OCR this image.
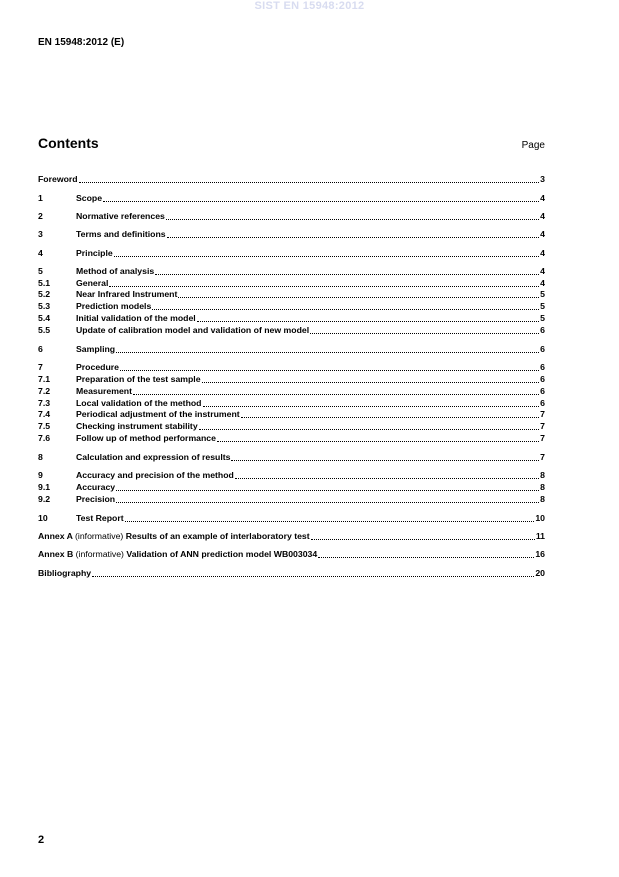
SIST EN 15948:2012
EN 15948:2012 (E)
Contents	Page
Foreword	3
1	Scope	4
2	Normative references	4
3	Terms and definitions	4
4	Principle	4
5	Method of analysis	4
5.1	General	4
5.2	Near Infrared Instrument	5
5.3	Prediction models	5
5.4	Initial validation of the model	5
5.5	Update of calibration model and validation of new model	6
6	Sampling	6
7	Procedure	6
7.1	Preparation of the test sample	6
7.2	Measurement	6
7.3	Local validation of the method	6
7.4	Periodical adjustment of the instrument	7
7.5	Checking instrument stability	7
7.6	Follow up of method performance	7
8	Calculation and expression of results	7
9	Accuracy and precision of the method	8
9.1	Accuracy	8
9.2	Precision	8
10	Test Report	10
Annex A (informative) Results of an example of interlaboratory test	11
Annex B (informative) Validation of ANN prediction model WB003034	16
Bibliography	20
2
